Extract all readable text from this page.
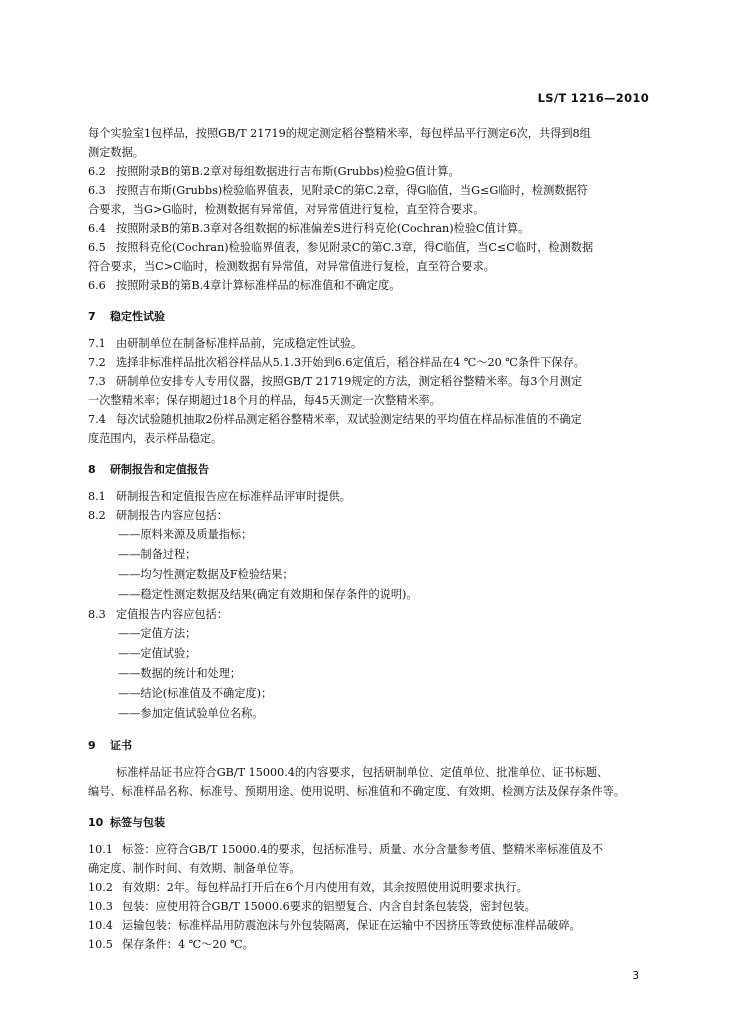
LS/T 1216—2010

每个实验室1包样品，按照GB/T 21719的规定测定稻谷整精米率，每包样品平行测定6次，共得到8组

测定数据。

6.2 按照附录B的第B.2章对每组数据进行吉布斯(Grubbs)检验G值计算。

6.3 按照吉布斯(Grubbs)检验临界值表，见附录C的第C.2章，得G临值，当G≤G临时，检测数据符

合要求，当G>G临时，检测数据有异常值，对异常值进行复检，直至符合要求。

6.4 按照附录B的第B.3章对各组数据的标准偏差S进行科克伦(Cochran)检验C值计算。

6.5 按照科克伦(Cochran)检验临界值表，参见附录C的第C.3章，得C临值，当C≤C临时，检测数据

符合要求，当C>C临时，检测数据有异常值，对异常值进行复检，直至符合要求。

6.6 按照附录B的第B.4章计算标准样品的标准值和不确定度。

7 稳定性试验

7.1 由研制单位在制备标准样品前，完成稳定性试验。

7.2 选择非标准样品批次稻谷样品从5.1.3开始到6.6定值后，稻谷样品在4 ℃～20 ℃条件下保存。

7.3 研制单位安排专人专用仪器，按照GB/T 21719规定的方法，测定稻谷整精米率。每3个月测定

一次整精米率；保存期超过18个月的样品，每45天测定一次整精米率。

7.4 每次试验随机抽取2份样品测定稻谷整精米率，双试验测定结果的平均值在样品标准值的不确定

度范围内，表示样品稳定。

8 研制报告和定值报告

8.1 研制报告和定值报告应在标准样品评审时提供。

8.2 研制报告内容应包括：

——原料来源及质量指标；

——制备过程；

——均匀性测定数据及F检验结果；

——稳定性测定数据及结果(确定有效期和保存条件的说明)。

8.3 定值报告内容应包括：

——定值方法；

——定值试验；

——数据的统计和处理；

——结论(标准值及不确定度)；

——参加定值试验单位名称。

9 证书

标准样品证书应符合GB/T 15000.4的内容要求，包括研制单位、定值单位、批准单位、证书标题、

编号、标准样品名称、标准号、预期用途、使用说明、标准值和不确定度、有效期、检测方法及保存条件等。

10 标签与包装

10.1 标签：应符合GB/T 15000.4的要求，包括标准号、质量、水分含量参考值、整精米率标准值及不

确定度、制作时间、有效期、制备单位等。

10.2 有效期：2年。每包样品打开后在6个月内使用有效，其余按照使用说明要求执行。

10.3 包装：应使用符合GB/T 15000.6要求的铝塑复合、内含自封条包装袋，密封包装。

10.4 运输包装：标准样品用防震泡沫与外包装隔离，保证在运输中不因挤压等致使标准样品破碎。

10.5 保存条件：4 ℃～20 ℃。

3
